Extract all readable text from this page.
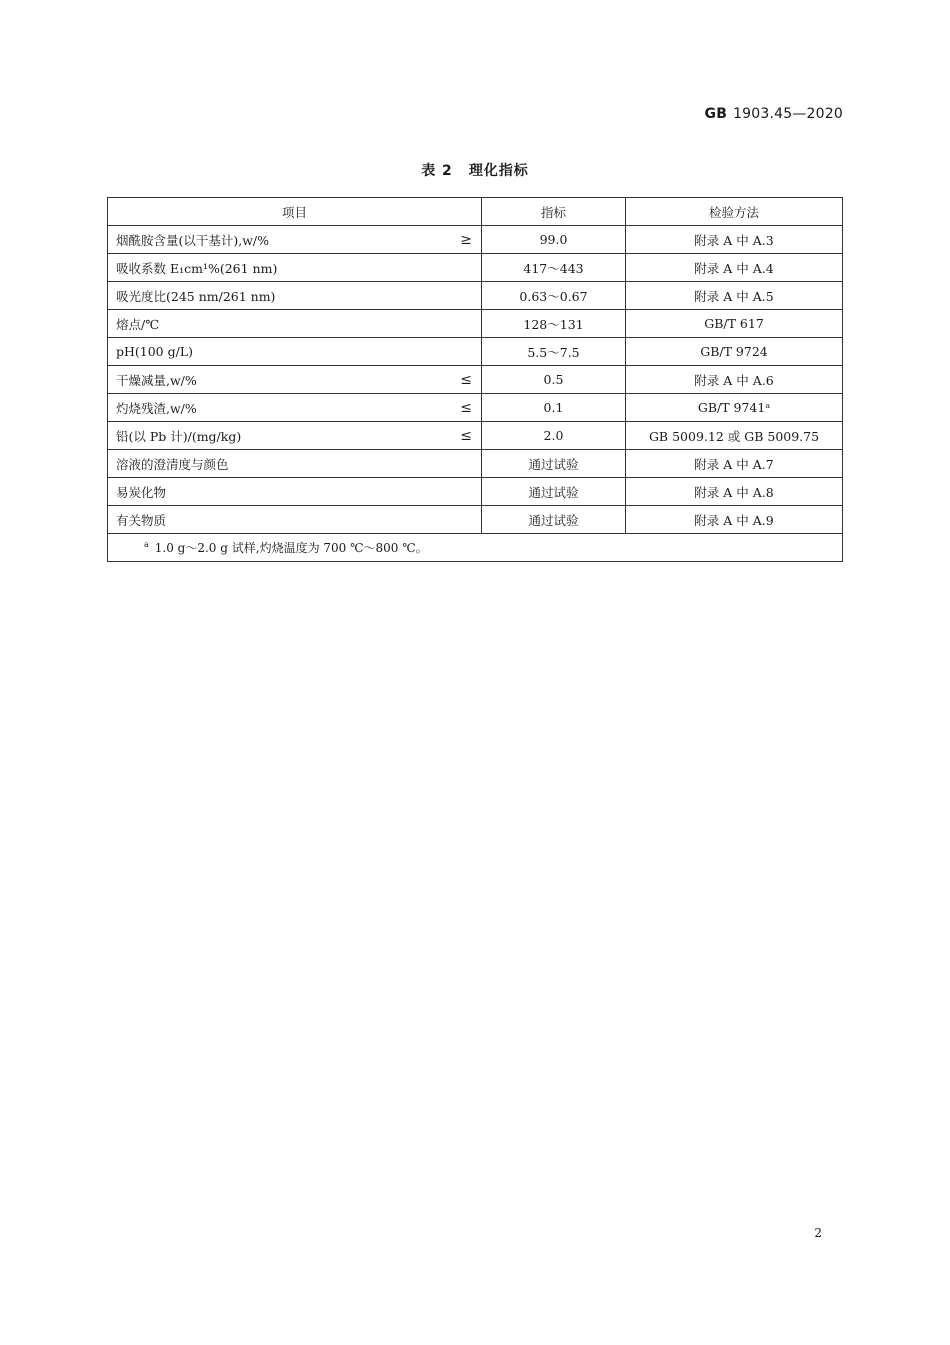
GB 1903.45—2020
表 2 理化指标
项目	指标	检验方法

烟酰胺含量(以干基计),w/% ≥	99.0	附录 A 中 A.3

吸收系数 E₁cm¹%(261 nm)	417～443	附录 A 中 A.4

吸光度比(245 nm/261 nm)	0.63～0.67	附录 A 中 A.5

熔点/℃	128～131	GB/T 617

pH(100 g/L)	5.5～7.5	GB/T 9724

干燥减量,w/% ≤	0.5	附录 A 中 A.6

灼烧残渣,w/% ≤	0.1	GB/T 9741ᵃ

铅(以 Pb 计)/(mg/kg) ≤	2.0	GB 5009.12 或 GB 5009.75

溶液的澄清度与颜色	通过试验	附录 A 中 A.7

易炭化物	通过试验	附录 A 中 A.8

有关物质	通过试验	附录 A 中 A.9
$^a$ 1.0 g～2.0 g 试样,灼烧温度为 700 ℃～800 ℃。		
2
